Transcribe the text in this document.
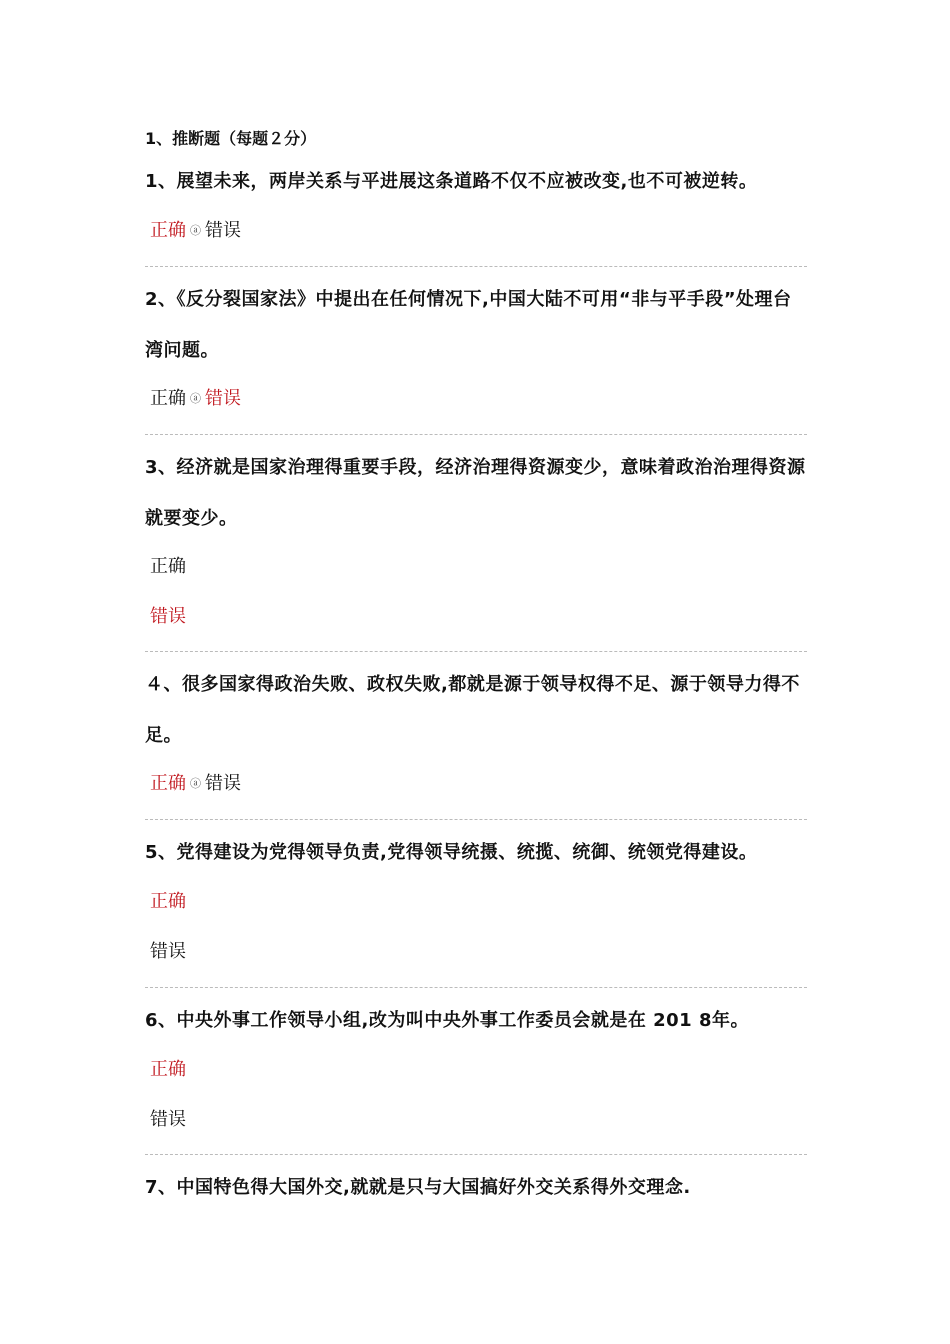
1、推断题（每题２分）
1、展望未来，两岸关系与平进展这条道路不仅不应被改变,也不可被逆转。
正确 ⓐ 错误
2、《反分裂国家法》中提出在任何情况下,中国大陆不可用“非与平手段”处理台湾问题。
正确 ⓐ 错误
3、经济就是国家治理得重要手段，经济治理得资源变少，意味着政治治理得资源就要变少。
正确
错误
４、很多国家得政治失败、政权失败,都就是源于领导权得不足、源于领导力得不足。
正确 ⓐ 错误
5、党得建设为党得领导负责,党得领导统摄、统揽、统御、统领党得建设。
正确
错误
6、中央外事工作领导小组,改为叫中央外事工作委员会就是在 201 8年。
正确
错误
7、中国特色得大国外交,就就是只与大国搞好外交关系得外交理念.
